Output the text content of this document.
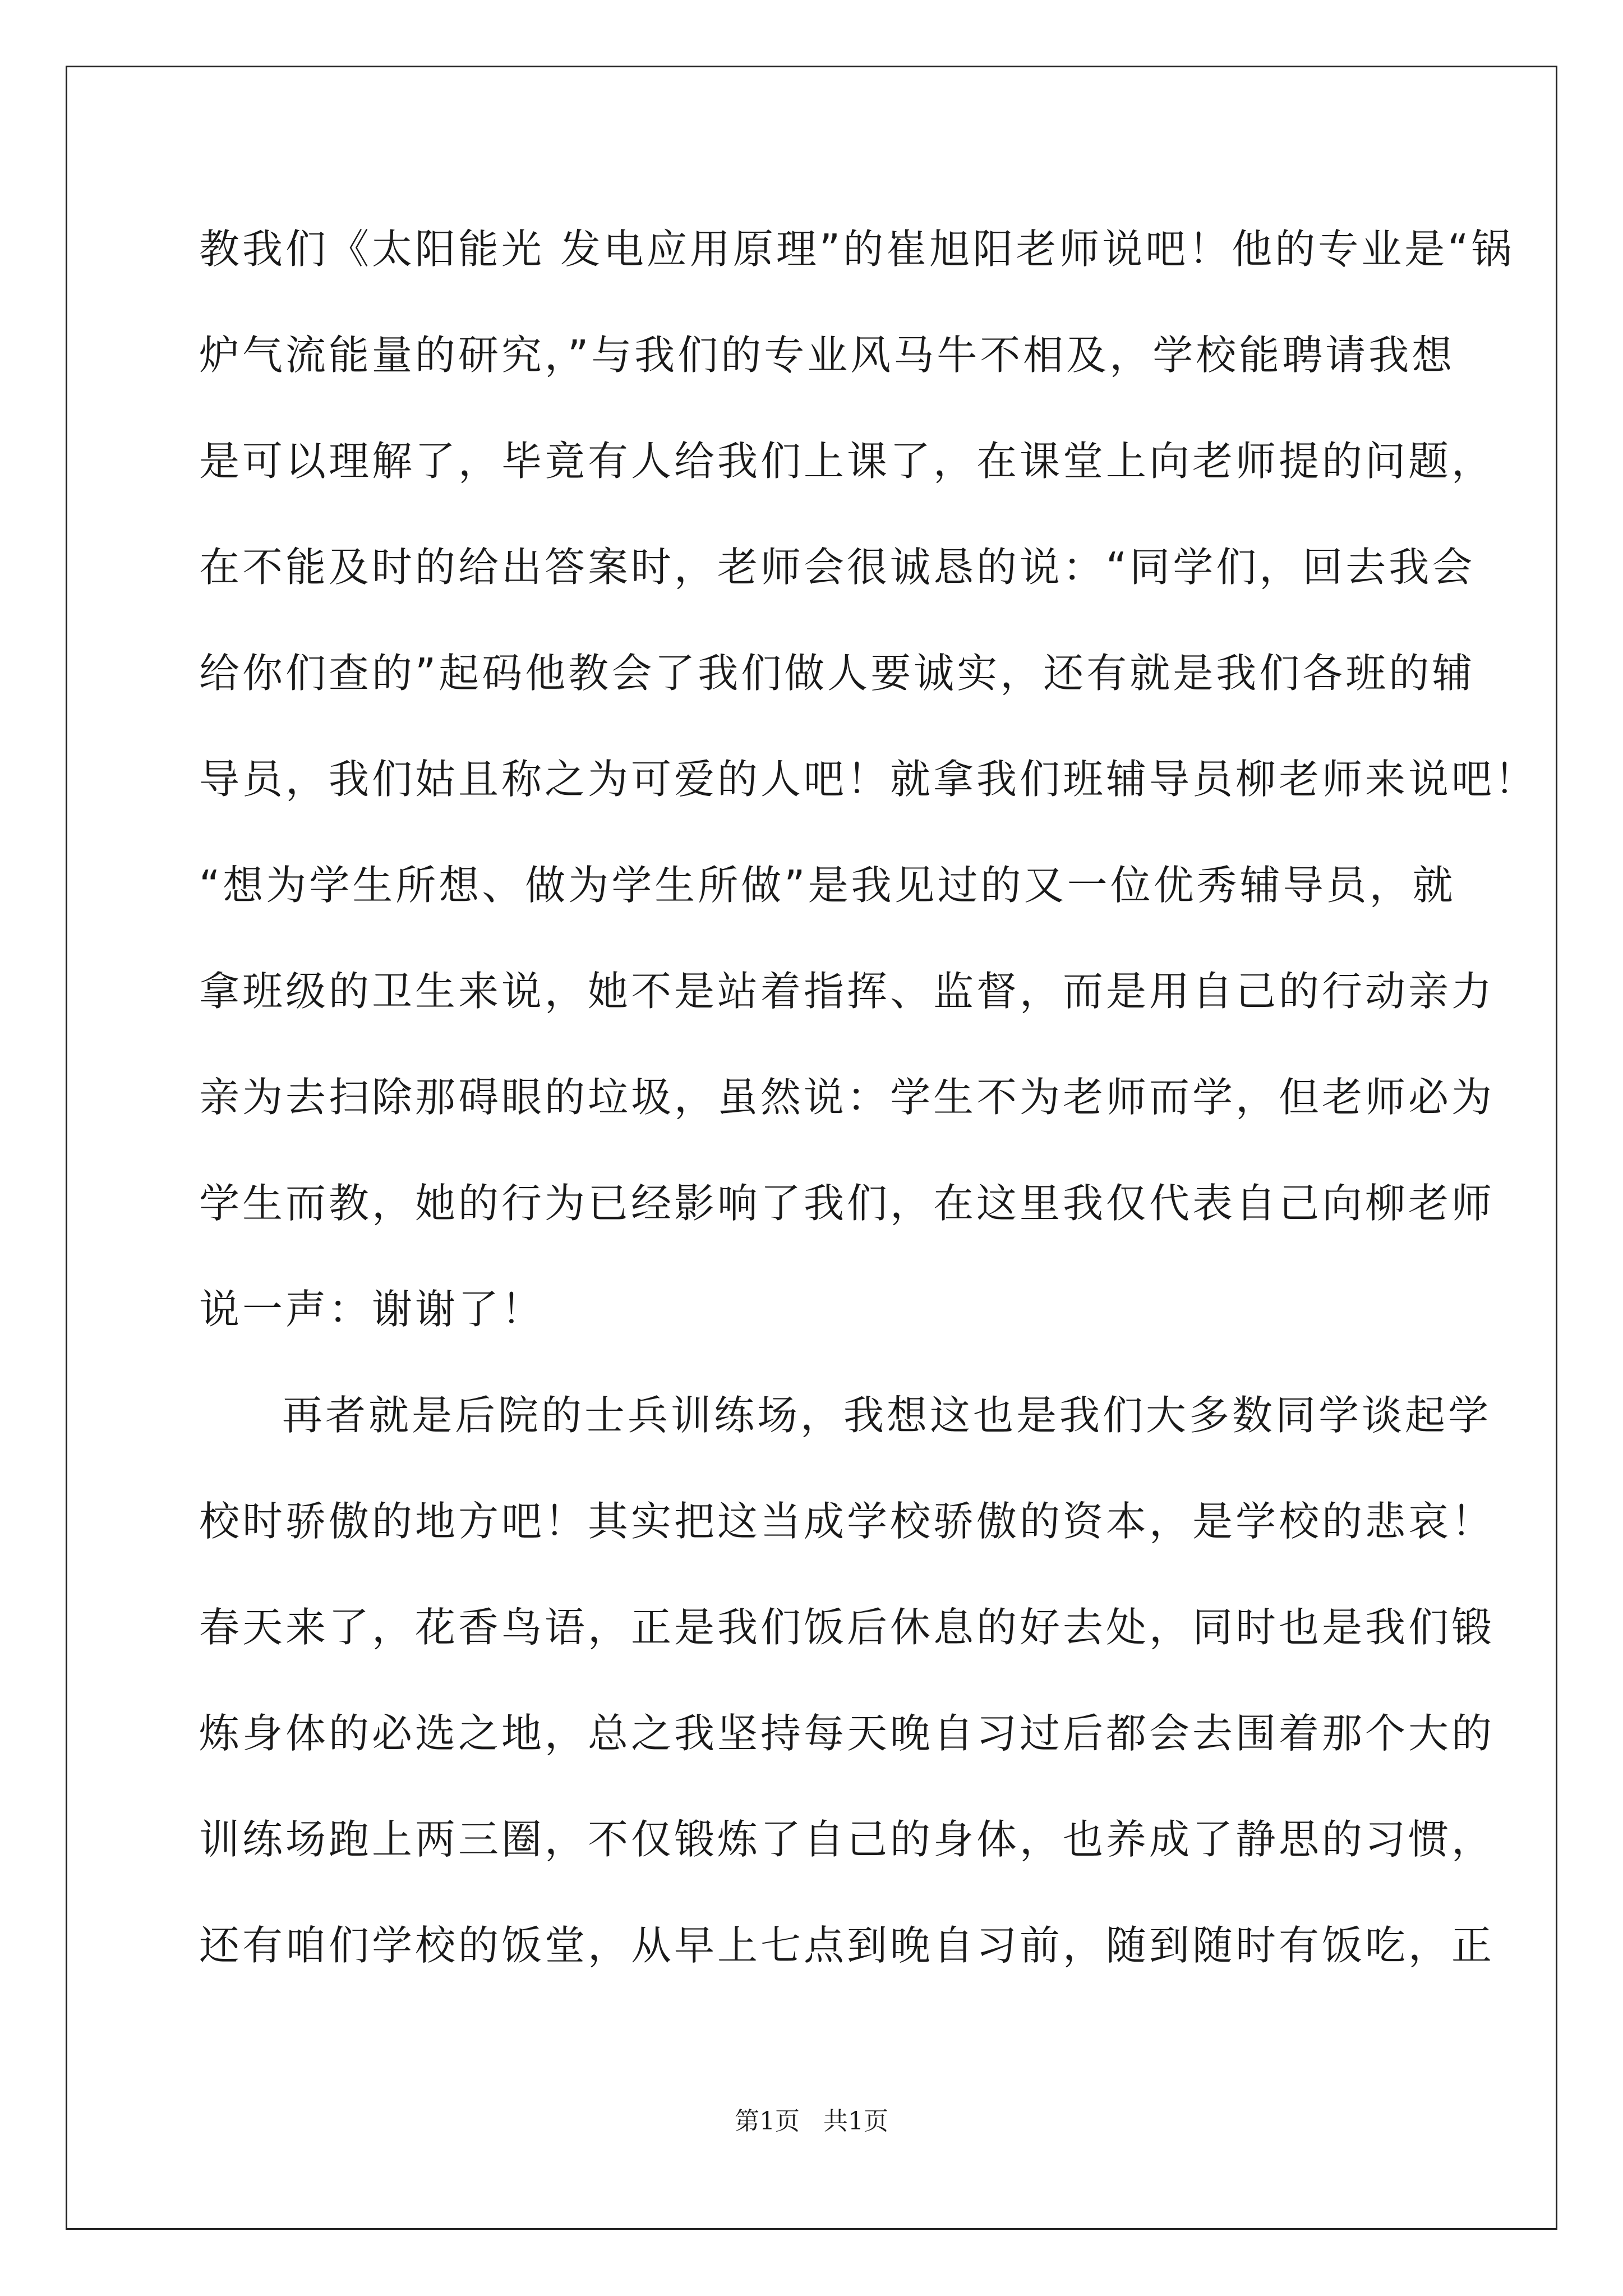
教我们《太阳能光 发电应用原理”的崔旭阳老师说吧！他的专业是“锅
炉气流能量的研究，”与我们的专业风马牛不相及，学校能聘请我想
是可以理解了，毕竟有人给我们上课了，在课堂上向老师提的问题，
在不能及时的给出答案时，老师会很诚恳的说：“同学们，回去我会
给你们查的”起码他教会了我们做人要诚实，还有就是我们各班的辅
导员，我们姑且称之为可爱的人吧！就拿我们班辅导员柳老师来说吧！
“想为学生所想、做为学生所做”是我见过的又一位优秀辅导员，就
拿班级的卫生来说，她不是站着指挥、监督，而是用自己的行动亲力
亲为去扫除那碍眼的垃圾，虽然说：学生不为老师而学，但老师必为
学生而教，她的行为已经影响了我们，在这里我仅代表自己向柳老师
说一声：谢谢了！
再者就是后院的士兵训练场，我想这也是我们大多数同学谈起学
校时骄傲的地方吧！其实把这当成学校骄傲的资本，是学校的悲哀！
春天来了，花香鸟语，正是我们饭后休息的好去处，同时也是我们锻
炼身体的必选之地，总之我坚持每天晚自习过后都会去围着那个大的
训练场跑上两三圈，不仅锻炼了自己的身体，也养成了静思的习惯，
还有咱们学校的饭堂，从早上七点到晚自习前，随到随时有饭吃，正
第1页   共1页
